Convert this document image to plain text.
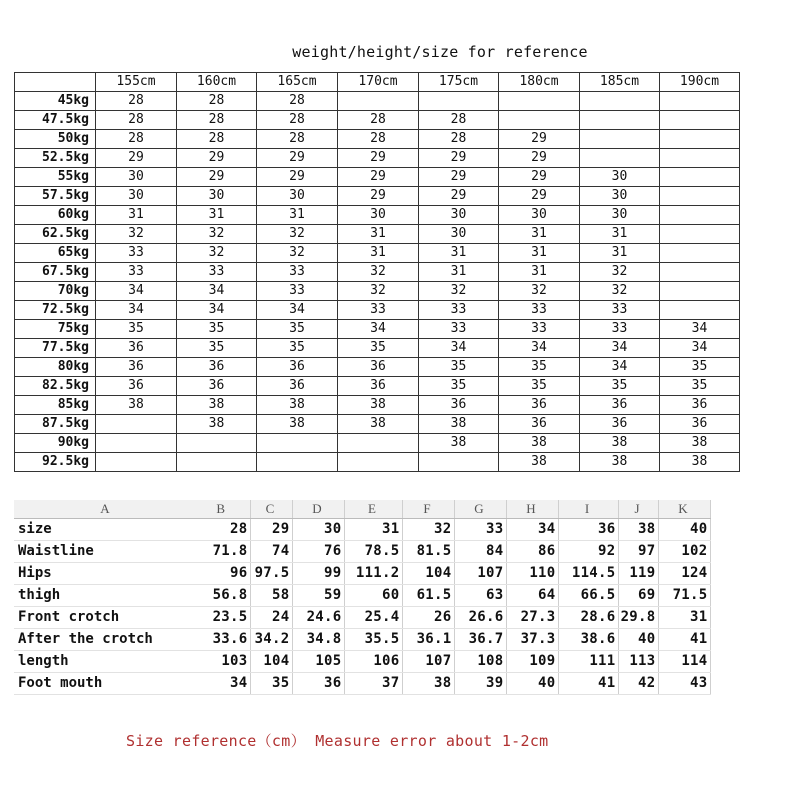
weight/height/size for reference
	155cm	160cm	165cm	170cm	175cm	180cm	185cm	190cm
45kg	28	28	28					
47.5kg	28	28	28	28	28			
50kg	28	28	28	28	28	29		
52.5kg	29	29	29	29	29	29		
55kg	30	29	29	29	29	29	30	
57.5kg	30	30	30	29	29	29	30	
60kg	31	31	31	30	30	30	30	
62.5kg	32	32	32	31	30	31	31	
65kg	33	32	32	31	31	31	31	
67.5kg	33	33	33	32	31	31	32	
70kg	34	34	33	32	32	32	32	
72.5kg	34	34	34	33	33	33	33	
75kg	35	35	35	34	33	33	33	34
77.5kg	36	35	35	35	34	34	34	34
80kg	36	36	36	36	35	35	34	35
82.5kg	36	36	36	36	35	35	35	35
85kg	38	38	38	38	36	36	36	36
87.5kg		38	38	38	38	36	36	36
90kg					38	38	38	38
92.5kg						38	38	38
A	B	C	D	E	F	G	H	I	J	K
size	28	29	30	31	32	33	34	36	38	40
Waistline	71.8	74	76	78.5	81.5	84	86	92	97	102
Hips	96	97.5	99	111.2	104	107	110	114.5	119	124
thigh	56.8	58	59	60	61.5	63	64	66.5	69	71.5
Front crotch	23.5	24	24.6	25.4	26	26.6	27.3	28.6	29.8	31
After the crotch	33.6	34.2	34.8	35.5	36.1	36.7	37.3	38.6	40	41
length	103	104	105	106	107	108	109	111	113	114
Foot mouth	34	35	36	37	38	39	40	41	42	43
Size reference（cm） Measure error about 1-2cm
